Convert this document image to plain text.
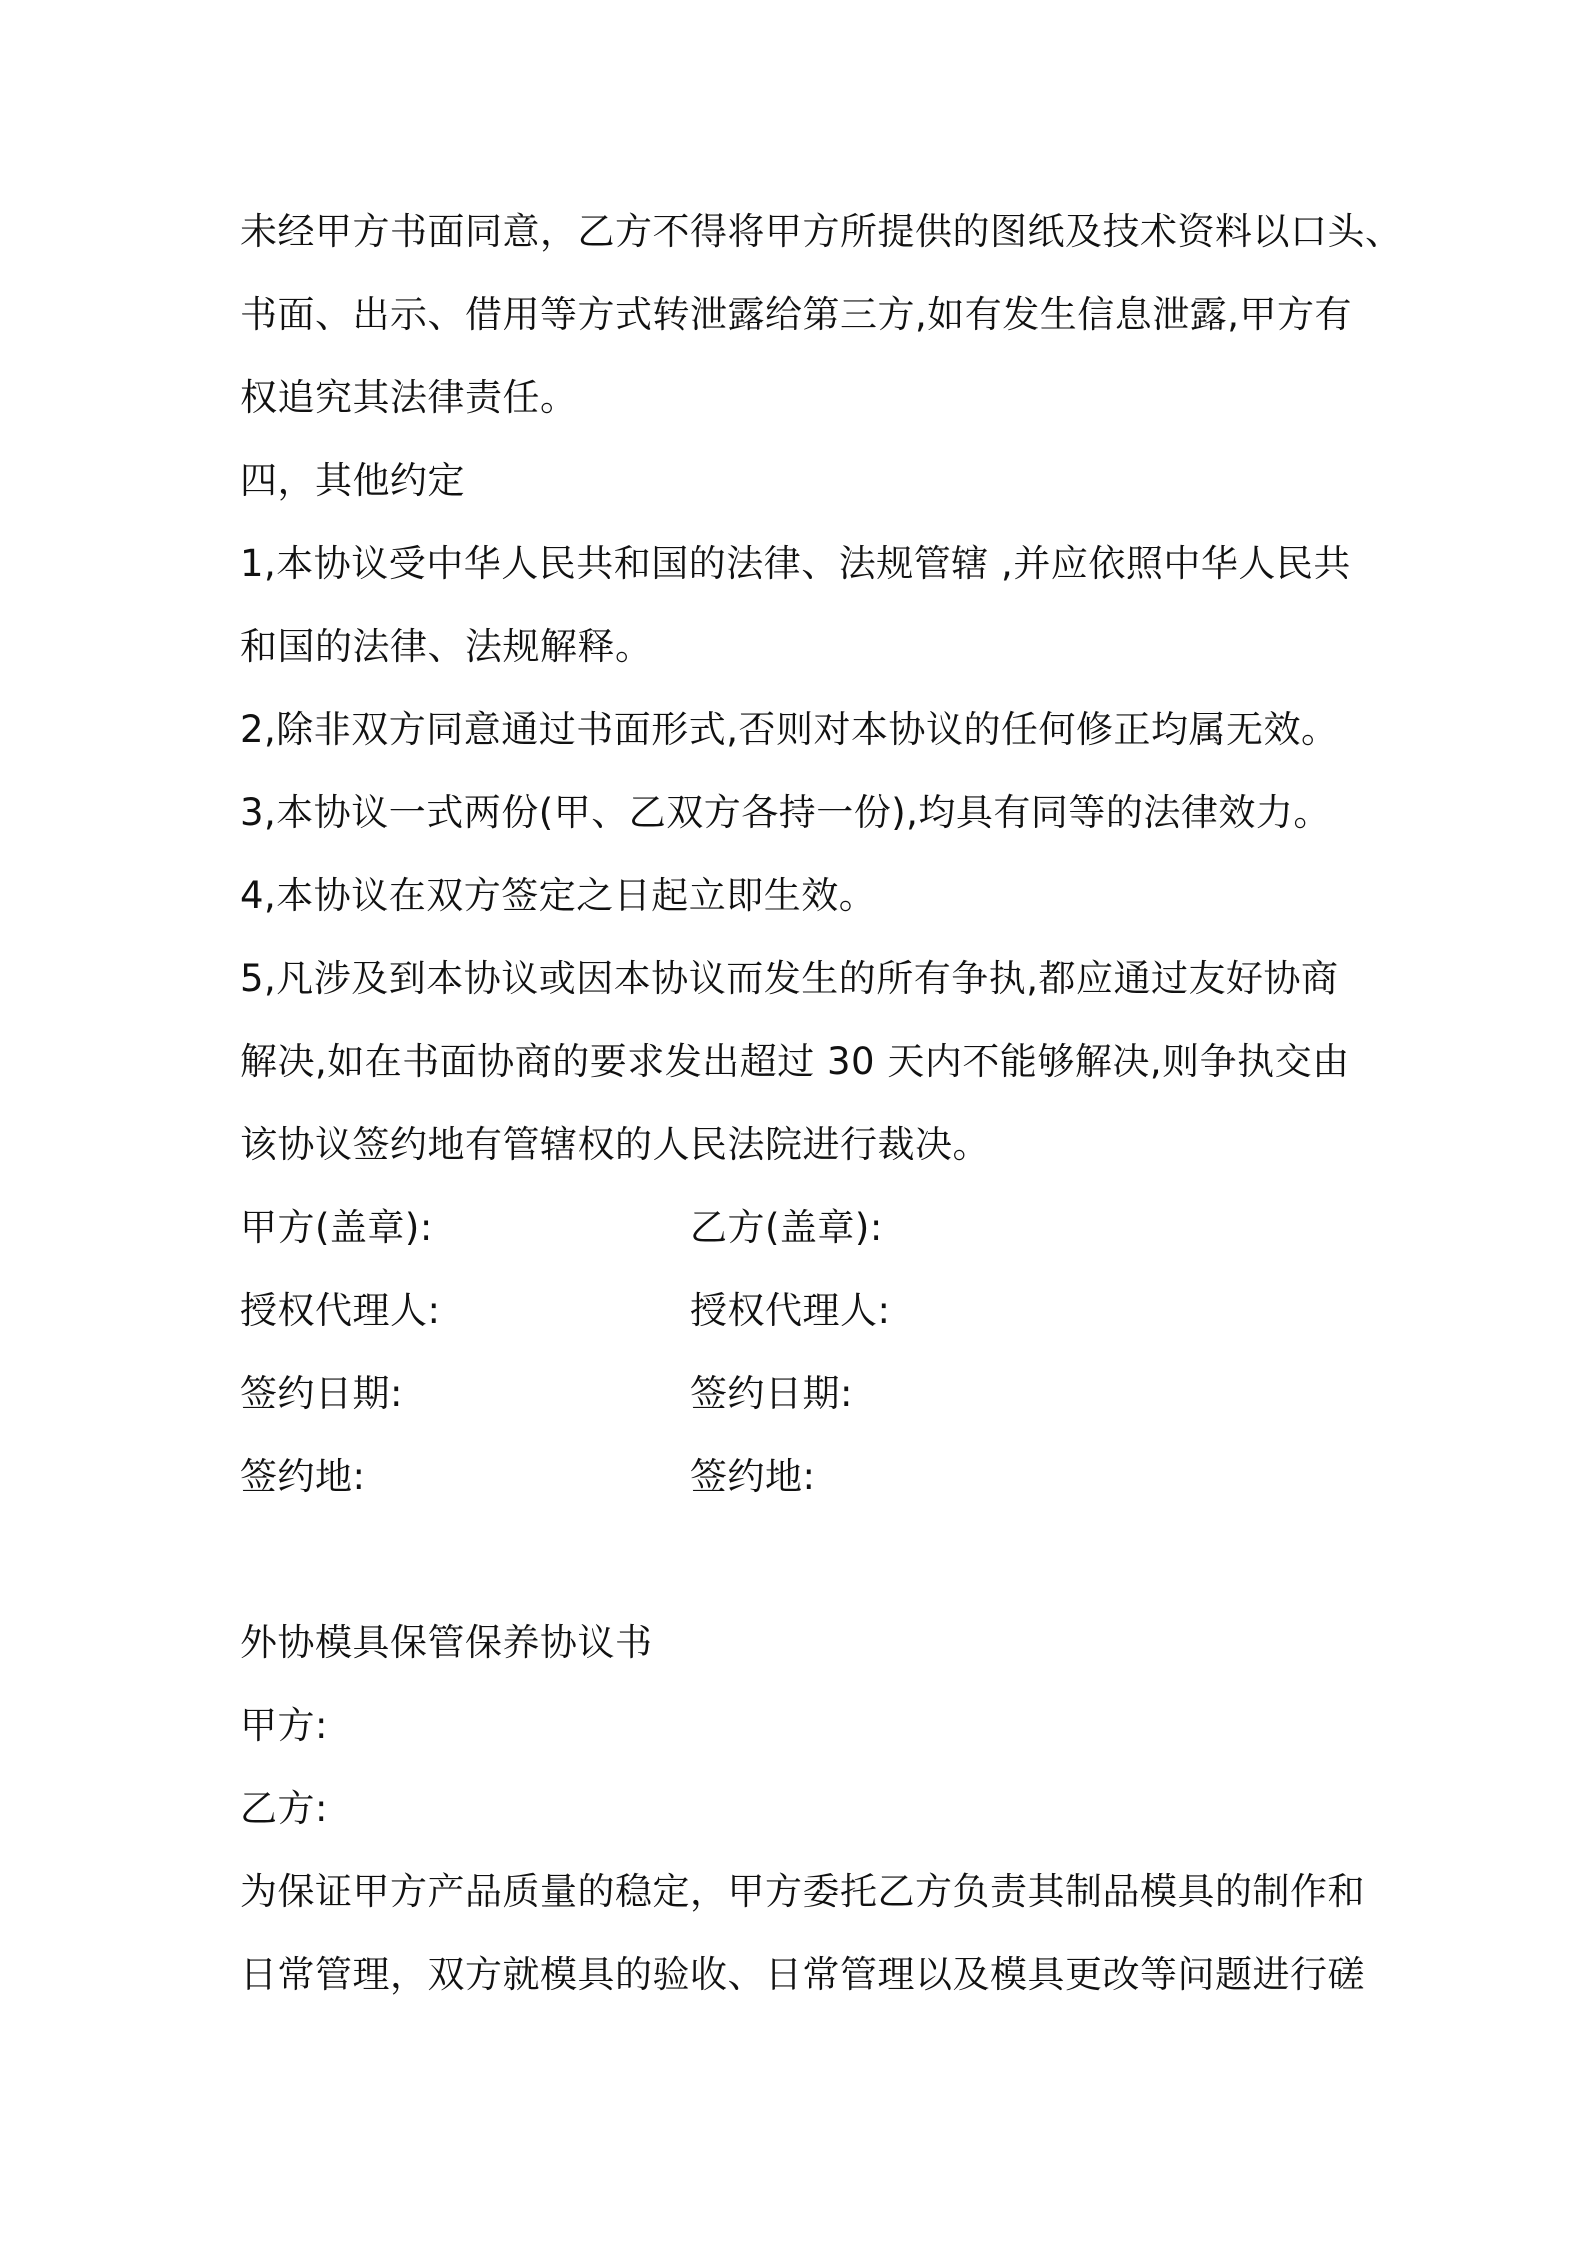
未经甲方书面同意，乙方不得将甲方所提供的图纸及技术资料以口头、
书面、出示、借用等方式转泄露给第三方,如有发生信息泄露,甲方有
权追究其法律责任。
四，其他约定
1,本协议受中华人民共和国的法律、法规管辖 ,并应依照中华人民共
和国的法律、法规解释。
2,除非双方同意通过书面形式,否则对本协议的任何修正均属无效。
3,本协议一式两份(甲、乙双方各持一份),均具有同等的法律效力。
4,本协议在双方签定之日起立即生效。
5,凡涉及到本协议或因本协议而发生的所有争执,都应通过友好协商
解决,如在书面协商的要求发出超过 30 天内不能够解决,则争执交由
该协议签约地有管辖权的人民法院进行裁决。
甲方(盖章):	乙方(盖章):
授权代理人:	授权代理人:
签约日期:	签约日期:
签约地:	签约地:
外协模具保管保养协议书
甲方:
乙方:
为保证甲方产品质量的稳定，甲方委托乙方负责其制品模具的制作和
日常管理，双方就模具的验收、日常管理以及模具更改等问题进行磋
